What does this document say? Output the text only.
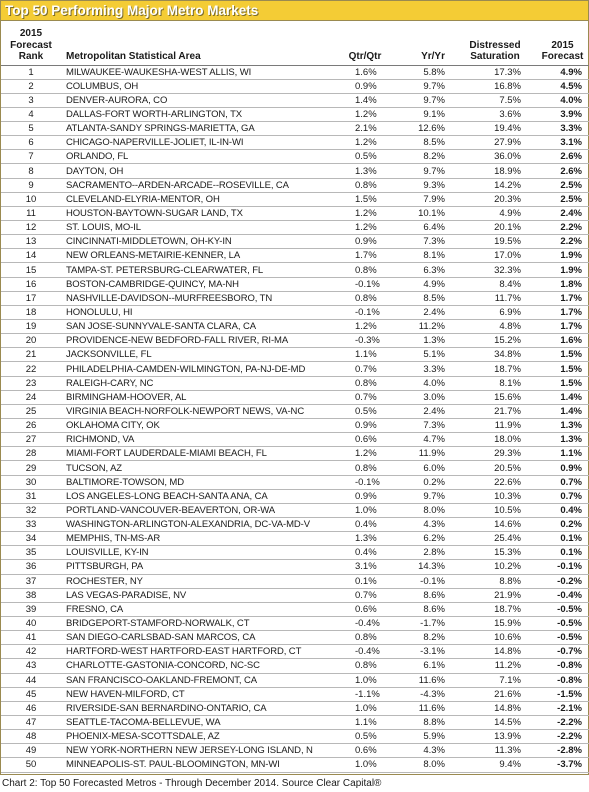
Top 50 Performing Major Metro Markets
2015 Forecast Rank	Metropolitan Statistical Area	Qtr/Qtr	Yr/Yr	Distressed Saturation	2015 Forecast
1	MILWAUKEE-WAUKESHA-WEST ALLIS, WI	1.6%	5.8%	17.3%	4.9%
2	COLUMBUS, OH	0.9%	9.7%	16.8%	4.5%
3	DENVER-AURORA, CO	1.4%	9.7%	7.5%	4.0%
4	DALLAS-FORT WORTH-ARLINGTON, TX	1.2%	9.1%	3.6%	3.9%
5	ATLANTA-SANDY SPRINGS-MARIETTA, GA	2.1%	12.6%	19.4%	3.3%
6	CHICAGO-NAPERVILLE-JOLIET, IL-IN-WI	1.2%	8.5%	27.9%	3.1%
7	ORLANDO, FL	0.5%	8.2%	36.0%	2.6%
8	DAYTON, OH	1.3%	9.7%	18.9%	2.6%
9	SACRAMENTO--ARDEN-ARCADE--ROSEVILLE, CA	0.8%	9.3%	14.2%	2.5%
10	CLEVELAND-ELYRIA-MENTOR, OH	1.5%	7.9%	20.3%	2.5%
11	HOUSTON-BAYTOWN-SUGAR LAND, TX	1.2%	10.1%	4.9%	2.4%
12	ST. LOUIS, MO-IL	1.2%	6.4%	20.1%	2.2%
13	CINCINNATI-MIDDLETOWN, OH-KY-IN	0.9%	7.3%	19.5%	2.2%
14	NEW ORLEANS-METAIRIE-KENNER, LA	1.7%	8.1%	17.0%	1.9%
15	TAMPA-ST. PETERSBURG-CLEARWATER, FL	0.8%	6.3%	32.3%	1.9%
16	BOSTON-CAMBRIDGE-QUINCY, MA-NH	-0.1%	4.9%	8.4%	1.8%
17	NASHVILLE-DAVIDSON--MURFREESBORO, TN	0.8%	8.5%	11.7%	1.7%
18	HONOLULU, HI	-0.1%	2.4%	6.9%	1.7%
19	SAN JOSE-SUNNYVALE-SANTA CLARA, CA	1.2%	11.2%	4.8%	1.7%
20	PROVIDENCE-NEW BEDFORD-FALL RIVER, RI-MA	-0.3%	1.3%	15.2%	1.6%
21	JACKSONVILLE, FL	1.1%	5.1%	34.8%	1.5%
22	PHILADELPHIA-CAMDEN-WILMINGTON, PA-NJ-DE-MD	0.7%	3.3%	18.7%	1.5%
23	RALEIGH-CARY, NC	0.8%	4.0%	8.1%	1.5%
24	BIRMINGHAM-HOOVER, AL	0.7%	3.0%	15.6%	1.4%
25	VIRGINIA BEACH-NORFOLK-NEWPORT NEWS, VA-NC	0.5%	2.4%	21.7%	1.4%
26	OKLAHOMA CITY, OK	0.9%	7.3%	11.9%	1.3%
27	RICHMOND, VA	0.6%	4.7%	18.0%	1.3%
28	MIAMI-FORT LAUDERDALE-MIAMI BEACH, FL	1.2%	11.9%	29.3%	1.1%
29	TUCSON, AZ	0.8%	6.0%	20.5%	0.9%
30	BALTIMORE-TOWSON, MD	-0.1%	0.2%	22.6%	0.7%
31	LOS ANGELES-LONG BEACH-SANTA ANA, CA	0.9%	9.7%	10.3%	0.7%
32	PORTLAND-VANCOUVER-BEAVERTON, OR-WA	1.0%	8.0%	10.5%	0.4%
33	WASHINGTON-ARLINGTON-ALEXANDRIA, DC-VA-MD-V	0.4%	4.3%	14.6%	0.2%
34	MEMPHIS, TN-MS-AR	1.3%	6.2%	25.4%	0.1%
35	LOUISVILLE, KY-IN	0.4%	2.8%	15.3%	0.1%
36	PITTSBURGH, PA	3.1%	14.3%	10.2%	-0.1%
37	ROCHESTER, NY	0.1%	-0.1%	8.8%	-0.2%
38	LAS VEGAS-PARADISE, NV	0.7%	8.6%	21.9%	-0.4%
39	FRESNO, CA	0.6%	8.6%	18.7%	-0.5%
40	BRIDGEPORT-STAMFORD-NORWALK, CT	-0.4%	-1.7%	15.9%	-0.5%
41	SAN DIEGO-CARLSBAD-SAN MARCOS, CA	0.8%	8.2%	10.6%	-0.5%
42	HARTFORD-WEST HARTFORD-EAST HARTFORD, CT	-0.4%	-3.1%	14.8%	-0.7%
43	CHARLOTTE-GASTONIA-CONCORD, NC-SC	0.8%	6.1%	11.2%	-0.8%
44	SAN FRANCISCO-OAKLAND-FREMONT, CA	1.0%	11.6%	7.1%	-0.8%
45	NEW HAVEN-MILFORD, CT	-1.1%	-4.3%	21.6%	-1.5%
46	RIVERSIDE-SAN BERNARDINO-ONTARIO, CA	1.0%	11.6%	14.8%	-2.1%
47	SEATTLE-TACOMA-BELLEVUE, WA	1.1%	8.8%	14.5%	-2.2%
48	PHOENIX-MESA-SCOTTSDALE, AZ	0.5%	5.9%	13.9%	-2.2%
49	NEW YORK-NORTHERN NEW JERSEY-LONG ISLAND, N	0.6%	4.3%	11.3%	-2.8%
50	MINNEAPOLIS-ST. PAUL-BLOOMINGTON, MN-WI	1.0%	8.0%	9.4%	-3.7%
Chart 2: Top 50 Forecasted Metros - Through December 2014. Source Clear Capital®
